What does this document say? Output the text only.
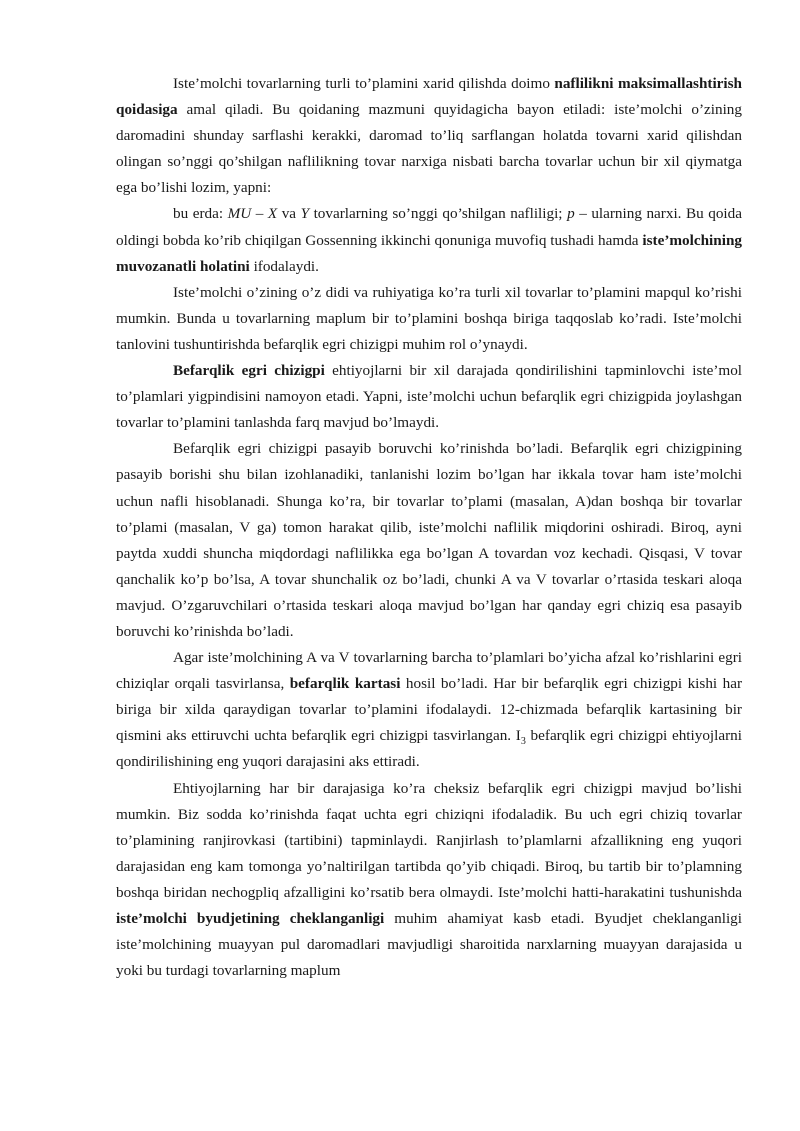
Iste’molchi tovarlarning turli to’plamini xarid qilishda doimo naflilikni maksimallashtirish qoidasiga amal qiladi. Bu qoidaning mazmuni quyidagicha bayon etiladi: iste’molchi o’zining daromadini shunday sarflashi kerakki, daromad to’liq sarflangan holatda tovarni xarid qilishdan olingan so’nggi qo’shilgan naflilikning tovar narxiga nisbati barcha tovarlar uchun bir xil qiymatga ega bo’lishi lozim, yapni:

bu erda: MU – X va Y tovarlarning so’nggi qo’shilgan nafliligi; p – ularning narxi. Bu qoida oldingi bobda ko’rib chiqilgan Gossenning ikkinchi qonuniga muvofiq tushadi hamda iste’molchining muvozanatli holatini ifodalaydi.

Iste’molchi o’zining o’z didi va ruhiyatiga ko’ra turli xil tovarlar to’plamini mapqul ko’rishi mumkin. Bunda u tovarlarning maplum bir to’plamini boshqa biriga taqqoslab ko’radi. Iste’molchi tanlovini tushuntirishda befarqlik egri chizigpi muhim rol o’ynaydi.

Befarqlik egri chizigpi ehtiyojlarni bir xil darajada qondirilishini tapminlovchi iste’mol to’plamlari yigpindisini namoyon etadi. Yapni, iste’molchi uchun befarqlik egri chizigpida joylashgan tovarlar to’plamini tanlashda farq mavjud bo’lmaydi.

Befarqlik egri chizigpi pasayib boruvchi ko’rinishda bo’ladi. Befarqlik egri chizigpining pasayib borishi shu bilan izohlanadiki, tanlanishi lozim bo’lgan har ikkala tovar ham iste’molchi uchun nafli hisoblanadi. Shunga ko’ra, bir tovarlar to’plami (masalan, A)dan boshqa bir tovarlar to’plami (masalan, V ga) tomon harakat qilib, iste’molchi naflilik miqdorini oshiradi. Biroq, ayni paytda xuddi shuncha miqdordagi naflilikka ega bo’lgan A tovardan voz kechadi. Qisqasi, V tovar qanchalik ko’p bo’lsa, A tovar shunchalik oz bo’ladi, chunki A va V tovarlar o’rtasida teskari aloqa mavjud. O’zgaruvchilari o’rtasida teskari aloqa mavjud bo’lgan har qanday egri chiziq esa pasayib boruvchi ko’rinishda bo’ladi.

Agar iste’molchining A va V tovarlarning barcha to’plamlari bo’yicha afzal ko’rishlarini egri chiziqlar orqali tasvirlansa, befarqlik kartasi hosil bo’ladi. Har bir befarqlik egri chizigpi kishi har biriga bir xilda qaraydigan tovarlar to’plamini ifodalaydi. 12-chizmada befarqlik kartasining bir qismini aks ettiruvchi uchta befarqlik egri chizigpi tasvirlangan. $I_3$ befarqlik egri chizigpi ehtiyojlarni qondirilishining eng yuqori darajasini aks ettiradi.

Ehtiyojlarning har bir darajasiga ko’ra cheksiz befarqlik egri chizigpi mavjud bo’lishi mumkin. Biz sodda ko’rinishda faqat uchta egri chiziqni ifodaladik. Bu uch egri chiziq tovarlar to’plamining ranjirovkasi (tartibini) tapminlaydi. Ranjirlash to’plamlarni afzallikning eng yuqori darajasidan eng kam tomonga yo’naltirilgan tartibda qo’yib chiqadi. Biroq, bu tartib bir to’plamning boshqa biridan nechogpliq afzalligini ko’rsatib bera olmaydi. Iste’molchi hatti-harakatini tushunishda iste’molchi byudjetining cheklanganligi muhim ahamiyat kasb etadi. Byudjet cheklanganligi iste’molchining muayyan pul daromadlari mavjudligi sharoitida narxlarning muayyan darajasida u yoki bu turdagi tovarlarning maplum
